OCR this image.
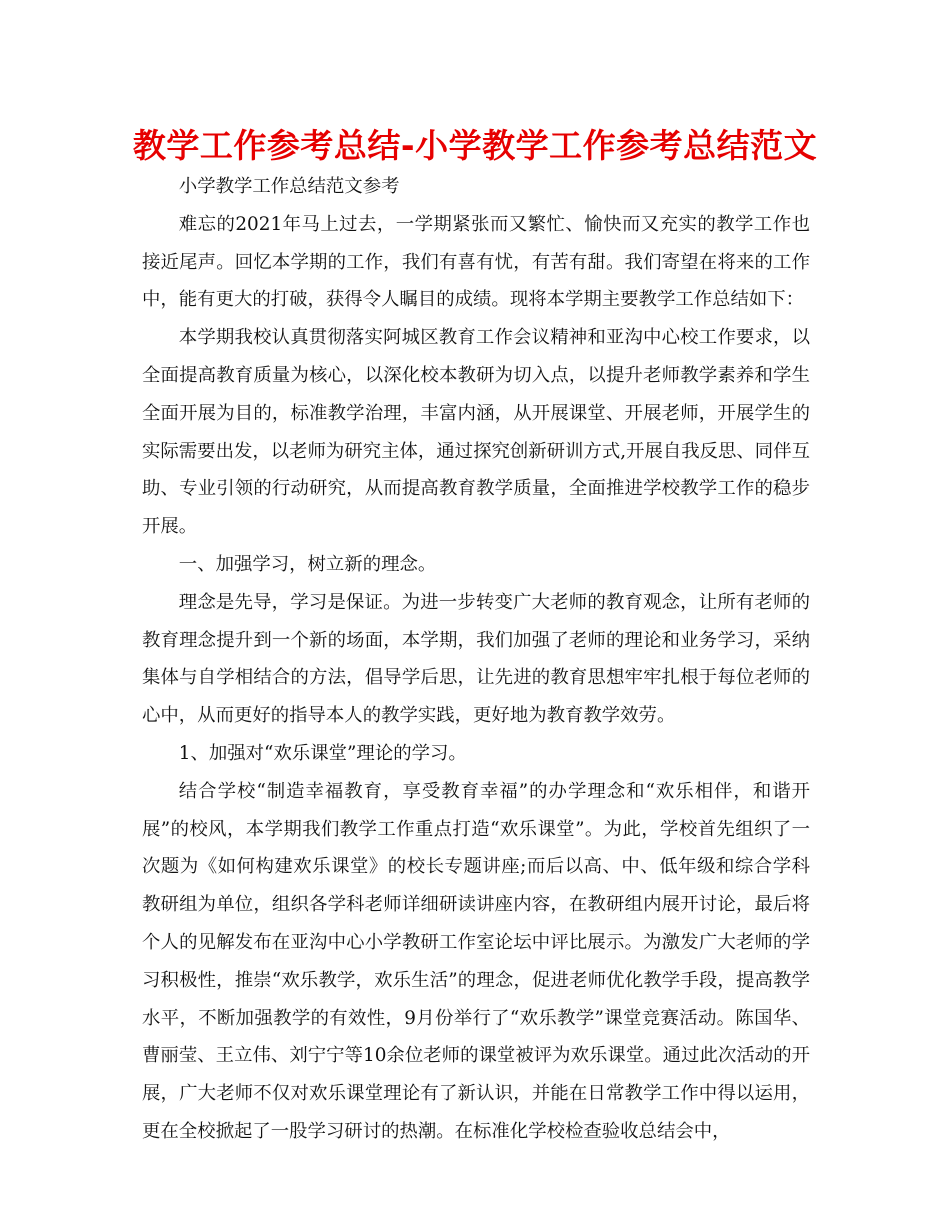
教学工作参考总结-小学教学工作参考总结范文

小学教学工作总结范文参考

难忘的2021年马上过去，一学期紧张而又繁忙、愉快而又充实的教学工作也接近尾声。回忆本学期的工作，我们有喜有忧，有苦有甜。我们寄望在将来的工作中，能有更大的打破，获得令人瞩目的成绩。现将本学期主要教学工作总结如下：

本学期我校认真贯彻落实阿城区教育工作会议精神和亚沟中心校工作要求，以全面提高教育质量为核心，以深化校本教研为切入点，以提升老师教学素养和学生全面开展为目的，标准教学治理，丰富内涵，从开展课堂、开展老师，开展学生的实际需要出发，以老师为研究主体，通过探究创新研训方式,开展自我反思、同伴互助、专业引领的行动研究，从而提高教育教学质量，全面推进学校教学工作的稳步开展。

一、加强学习，树立新的理念。

理念是先导，学习是保证。为进一步转变广大老师的教育观念，让所有老师的教育理念提升到一个新的场面，本学期，我们加强了老师的理论和业务学习，采纳集体与自学相结合的方法，倡导学后思，让先进的教育思想牢牢扎根于每位老师的心中，从而更好的指导本人的教学实践，更好地为教育教学效劳。

1、加强对“欢乐课堂”理论的学习。

结合学校“制造幸福教育，享受教育幸福”的办学理念和“欢乐相伴，和谐开展”的校风，本学期我们教学工作重点打造“欢乐课堂”。为此，学校首先组织了一次题为《如何构建欢乐课堂》的校长专题讲座;而后以高、中、低年级和综合学科教研组为单位，组织各学科老师详细研读讲座内容，在教研组内展开讨论，最后将个人的见解发布在亚沟中心小学教研工作室论坛中评比展示。为激发广大老师的学习积极性，推崇“欢乐教学，欢乐生活”的理念，促进老师优化教学手段，提高教学水平，不断加强教学的有效性，9月份举行了“欢乐教学”课堂竞赛活动。陈国华、曹丽莹、王立伟、刘宁宁等10余位老师的课堂被评为欢乐课堂。通过此次活动的开展，广大老师不仅对欢乐课堂理论有了新认识，并能在日常教学工作中得以运用，更在全校掀起了一股学习研讨的热潮。在标准化学校检查验收总结会中，
